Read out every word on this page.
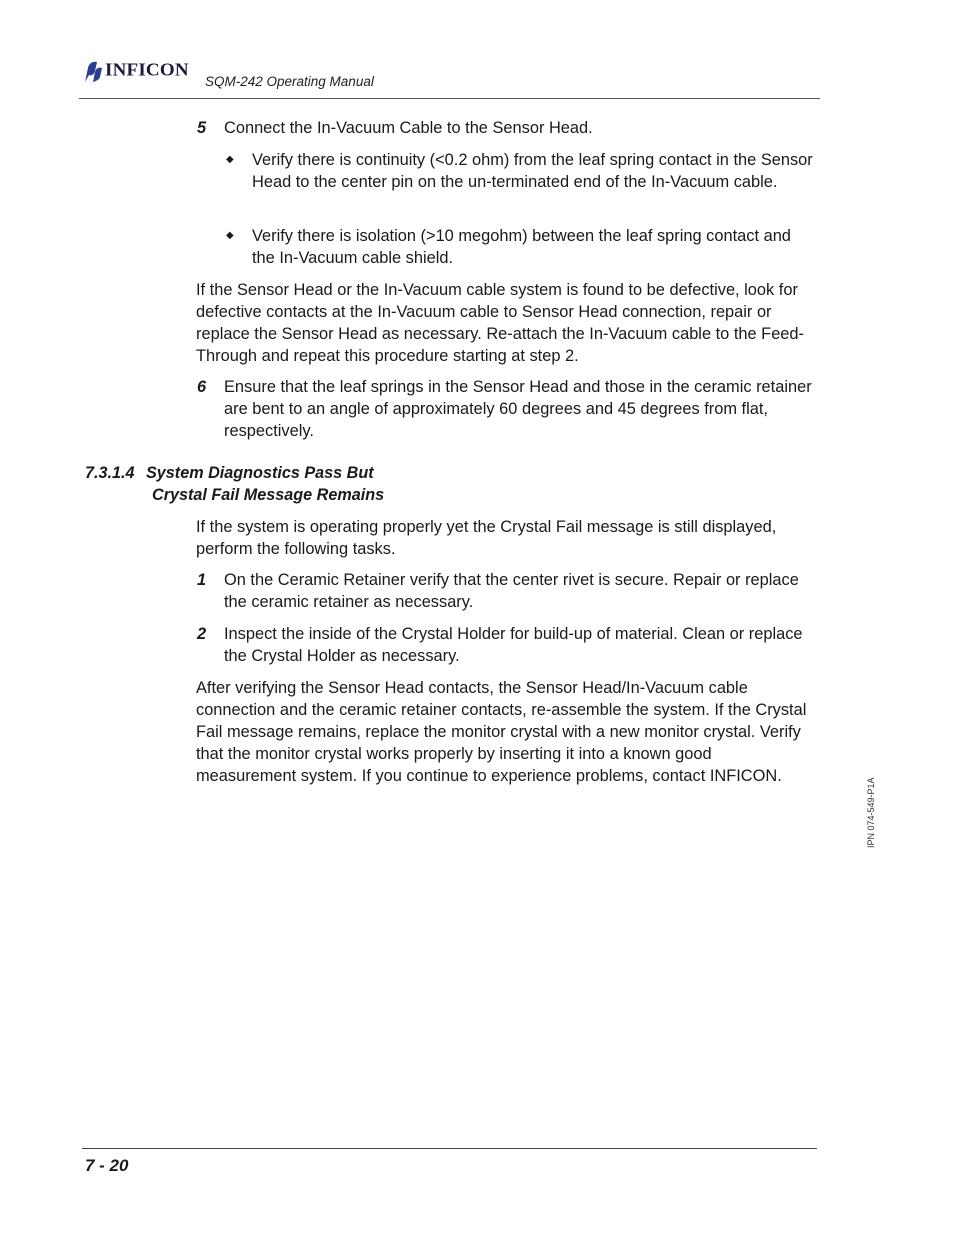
INFICON
SQM-242 Operating Manual
5 Connect the In-Vacuum Cable to the Sensor Head.

◆ Verify there is continuity (<0.2 ohm) from the leaf spring contact in the Sensor Head to the center pin on the un-terminated end of the In-Vacuum cable.

◆ Verify there is isolation (>10 megohm) between the leaf spring contact and the In-Vacuum cable shield.

If the Sensor Head or the In-Vacuum cable system is found to be defective, look for defective contacts at the In-Vacuum cable to Sensor Head connection, repair or replace the Sensor Head as necessary. Re-attach the In-Vacuum cable to the Feed-Through and repeat this procedure starting at step 2.

6 Ensure that the leaf springs in the Sensor Head and those in the ceramic retainer are bent to an angle of approximately 60 degrees and 45 degrees from flat, respectively.

7.3.1.4 System Diagnostics Pass But
Crystal Fail Message Remains

If the system is operating properly yet the Crystal Fail message is still displayed, perform the following tasks.

1 On the Ceramic Retainer verify that the center rivet is secure. Repair or replace the ceramic retainer as necessary.

2 Inspect the inside of the Crystal Holder for build-up of material. Clean or replace the Crystal Holder as necessary.

After verifying the Sensor Head contacts, the Sensor Head/In-Vacuum cable connection and the ceramic retainer contacts, re-assemble the system. If the Crystal Fail message remains, replace the monitor crystal with a new monitor crystal. Verify that the monitor crystal works properly by inserting it into a known good measurement system. If you continue to experience problems, contact INFICON.

IPN 074-549-P1A
7 - 20
